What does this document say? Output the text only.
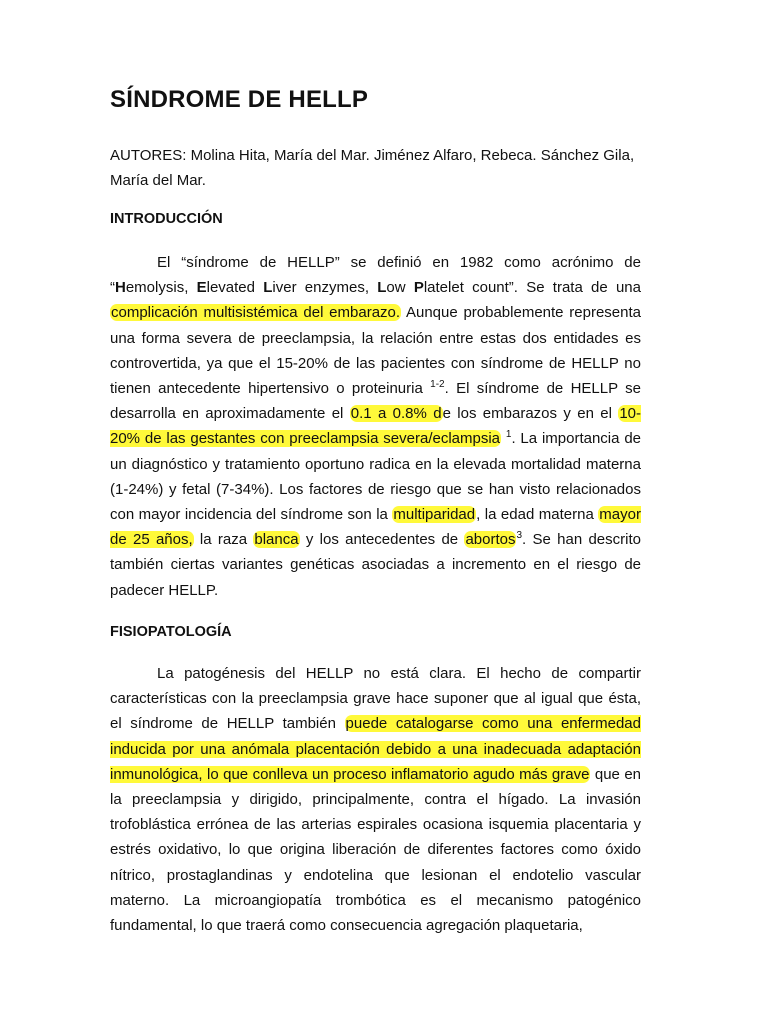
SÍNDROME DE HELLP
AUTORES: Molina Hita, María del Mar. Jiménez Alfaro, Rebeca. Sánchez Gila, María del Mar.
INTRODUCCIÓN

El “síndrome de HELLP” se definió en 1982 como acrónimo de “Hemolysis, Elevated Liver enzymes, Low Platelet count”. Se trata de una complicación multisistémica del embarazo. Aunque probablemente representa una forma severa de preeclampsia, la relación entre estas dos entidades es controvertida, ya que el 15-20% de las pacientes con síndrome de HELLP no tienen antecedente hipertensivo o proteinuria $^{1-2}$. El síndrome de HELLP se desarrolla en aproximadamente el 0.1 a 0.8% de los embarazos y en el 10-20% de las gestantes con preeclampsia severa/eclampsia $^1$. La importancia de un diagnóstico y tratamiento oportuno radica en la elevada mortalidad materna (1-24%) y fetal (7-34%). Los factores de riesgo que se han visto relacionados con mayor incidencia del síndrome son la multiparidad, la edad materna mayor de 25 años, la raza blanca y los antecedentes de abortos$^3$. Se han descrito también ciertas variantes genéticas asociadas a incremento en el riesgo de padecer HELLP.

FISIOPATOLOGÍA

La patogénesis del HELLP no está clara. El hecho de compartir características con la preeclampsia grave hace suponer que al igual que ésta, el síndrome de HELLP también puede catalogarse como una enfermedad inducida por una anómala placentación debido a una inadecuada adaptación inmunológica, lo que conlleva un proceso inflamatorio agudo más grave que en la preeclampsia y dirigido, principalmente, contra el hígado. La invasión trofoblástica errónea de las arterias espirales ocasiona isquemia placentaria y estrés oxidativo, lo que origina liberación de diferentes factores como óxido nítrico, prostaglandinas y endotelina que lesionan el endotelio vascular materno. La microangiopatía trombótica es el mecanismo patogénico fundamental, lo que traerá como consecuencia agregación plaquetaria,
